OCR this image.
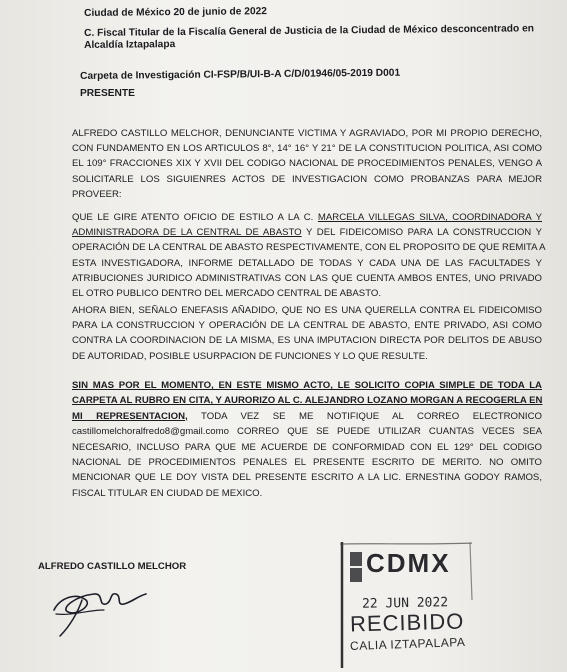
Ciudad de México 20 de junio de 2022
C. Fiscal Titular de la Fiscalía General de Justicia de la Ciudad de México desconcentrado en
Alcaldía Iztapalapa
Carpeta de Investigación CI-FSP/B/UI-B-A C/D/01946/05-2019 D001
PRESENTE
ALFREDO CASTILLO MELCHOR, DENUNCIANTE VICTIMA Y AGRAVIADO, POR MI PROPIO DERECHO,
CON FUNDAMENTO EN LOS ARTICULOS 8°, 14° 16° Y 21° DE LA CONSTITUCION POLITICA, ASI COMO
EL 109° FRACCIONES XIX Y XVII DEL CODIGO NACIONAL DE PROCEDIMIENTOS PENALES, VENGO A
SOLICITARLE LOS SIGUIENRES ACTOS DE INVESTIGACION COMO PROBANZAS PARA MEJOR
PROVEER:
QUE LE GIRE ATENTO OFICIO DE ESTILO A LA C. MARCELA VILLEGAS SILVA, COORDINADORA Y
ADMINISTRADORA DE LA CENTRAL DE ABASTO Y DEL FIDEICOMISO PARA LA CONSTRUCCION Y
OPERACIÓN DE LA CENTRAL DE ABASTO RESPECTIVAMENTE, CON EL PROPOSITO DE QUE REMITA A
ESTA INVESTIGADORA, INFORME DETALLADO DE TODAS Y CADA UNA DE LAS FACULTADES Y
ATRIBUCIONES JURIDICO ADMINISTRATIVAS CON LAS QUE CUENTA AMBOS ENTES, UNO PRIVADO
EL OTRO PUBLICO DENTRO DEL MERCADO CENTRAL DE ABASTO.
AHORA BIEN, SEÑALO ENEFASIS AÑADIDO, QUE NO ES UNA QUERELLA CONTRA EL FIDEICOMISO
PARA LA CONSTRUCCION Y OPERACIÓN DE LA CENTRAL DE ABASTO, ENTE PRIVADO, ASI COMO
CONTRA LA COORDINACION DE LA MISMA, ES UNA IMPUTACION DIRECTA POR DELITOS DE ABUSO
DE AUTORIDAD, POSIBLE USURPACION DE FUNCIONES Y LO QUE RESULTE.
SIN MAS POR EL MOMENTO, EN ESTE MISMO ACTO, LE SOLICITO COPIA SIMPLE DE TODA LA
CARPETA AL RUBRO EN CITA, Y AURORIZO AL C. ALEJANDRO LOZANO MORGAN A RECOGERLA EN
MI REPRESENTACION, TODA VEZ SE ME NOTIFIQUE AL CORREO ELECTRONICO
castillomelchoralfredo8@gmail.como CORREO QUE SE PUEDE UTILIZAR CUANTAS VECES SEA
NECESARIO, INCLUSO PARA QUE ME ACUERDE DE CONFORMIDAD CON EL 129° DEL CODIGO
NACIONAL DE PROCEDIMIENTOS PENALES EL PRESENTE ESCRITO DE MERITO. NO OMITO
MENCIONAR QUE LE DOY VISTA DEL PRESENTE ESCRITO A LA LIC. ERNESTINA GODOY RAMOS,
FISCAL TITULAR EN CIUDAD DE MEXICO.
ALFREDO CASTILLO MELCHOR	CDMX
22 JUN 2022
RECIBIDO
CALIA IZTAPALAPA
